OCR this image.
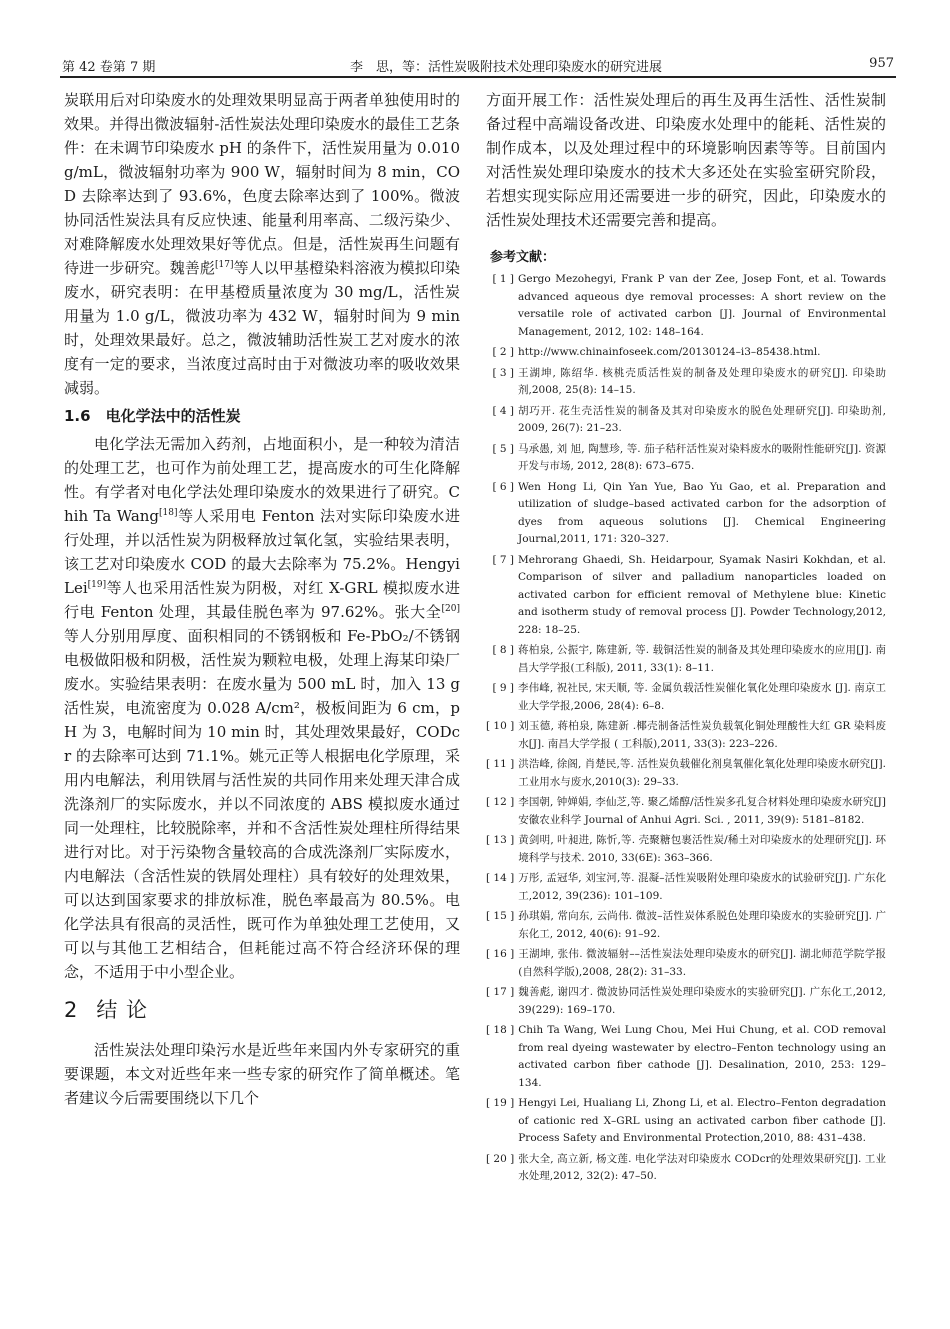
第 42 卷第 7 期	李　思，等：活性炭吸附技术处理印染废水的研究进展	957

炭联用后对印染废水的处理效果明显高于两者单独使用时的效果。并得出微波辐射-活性炭法处理印染废水的最佳工艺条件：在未调节印染废水 pH 的条件下，活性炭用量为 0.010 g/mL，微波辐射功率为 900 W，辐射时间为 8 min，COD 去除率达到了 93.6%，色度去除率达到了 100%。微波协同活性炭法具有反应快速、能量利用率高、二级污染少、对难降解废水处理效果好等优点。但是，活性炭再生问题有待进一步研究。魏善彪[17]等人以甲基橙染料溶液为模拟印染废水，研究表明：在甲基橙质量浓度为 30 mg/L，活性炭用量为 1.0 g/L，微波功率为 432 W，辐射时间为 9 min 时，处理效果最好。总之，微波辅助活性炭工艺对废水的浓度有一定的要求，当浓度过高时由于对微波功率的吸收效果减弱。

1.6　电化学法中的活性炭

电化学法无需加入药剂，占地面积小，是一种较为清洁的处理工艺，也可作为前处理工艺，提高废水的可生化降解性。有学者对电化学法处理印染废水的效果进行了研究。Chih Ta Wang[18]等人采用电 Fenton 法对实际印染废水进行处理，并以活性炭为阴极释放过氧化氢，实验结果表明，该工艺对印染废水 COD 的最大去除率为 75.2%。Hengyi Lei[19]等人也采用活性炭为阴极，对红 X-GRL 模拟废水进行电 Fenton 处理，其最佳脱色率为 97.62%。张大全[20]等人分别用厚度、面积相同的不锈钢板和 Fe-PbO₂/不锈钢电极做阳极和阴极，活性炭为颗粒电极，处理上海某印染厂废水。实验结果表明：在废水量为 500 mL 时，加入 13 g 活性炭，电流密度为 0.028 A/cm²，极板间距为 6 cm，pH 为 3，电解时间为 10 min 时，其处理效果最好，CODcr 的去除率可达到 71.1%。姚元正等人根据电化学原理，采用内电解法，利用铁屑与活性炭的共同作用来处理天津合成洗涤剂厂的实际废水，并以不同浓度的 ABS 模拟废水通过同一处理柱，比较脱除率，并和不含活性炭处理柱所得结果进行对比。对于污染物含量较高的合成洗涤剂厂实际废水，内电解法（含活性炭的铁屑处理柱）具有较好的处理效果，可以达到国家要求的排放标准，脱色率最高为 80.5%。电化学法具有很高的灵活性，既可作为单独处理工艺使用，又可以与其他工艺相结合，但耗能过高不符合经济环保的理念，不适用于中小型企业。

2 结 论

活性炭法处理印染污水是近些年来国内外专家研究的重要课题，本文对近些年来一些专家的研究作了简单概述。笔者建议今后需要围绕以下几个

方面开展工作：活性炭处理后的再生及再生活性、活性炭制备过程中高端设备改进、印染废水处理中的能耗、活性炭的制作成本，以及处理过程中的环境影响因素等等。目前国内对活性炭处理印染废水的技术大多还处在实验室研究阶段，若想实现实际应用还需要进一步的研究，因此，印染废水的活性炭处理技术还需要完善和提高。

参考文献：
[ 1 ] Gergo Mezohegyi, Frank P van der Zee, Josep Font, et al. Towards advanced aqueous dye removal processes: A short review on the versatile role of activated carbon [J]. Journal of Environmental Management, 2012, 102: 148–164.
[ 2 ] http://www.chinainfoseek.com/20130124–i3–85438.html.
[ 3 ] 王湖坤, 陈绍华. 核桃壳质活性炭的制备及处理印染废水的研究[J]. 印染助剂,2008, 25(8): 14–15.
[ 4 ] 胡巧开. 花生壳活性炭的制备及其对印染废水的脱色处理研究[J]. 印染助剂, 2009, 26(7): 21–23.
[ 5 ] 马承愚, 刘 旭, 陶慧珍, 等. 茄子秸秆活性炭对染料废水的吸附性能研究[J]. 资源开发与市场, 2012, 28(8): 673–675.
[ 6 ] Wen Hong Li, Qin Yan Yue, Bao Yu Gao, et al. Preparation and utilization of sludge–based activated carbon for the adsorption of dyes from aqueous solutions [J]. Chemical Engineering Journal,2011, 171: 320–327.
[ 7 ] Mehrorang Ghaedi, Sh. Heidarpour, Syamak Nasiri Kokhdan, et al. Comparison of silver and palladium nanoparticles loaded on activated carbon for efficient removal of Methylene blue: Kinetic and isotherm study of removal process [J]. Powder Technology,2012, 228: 18–25.
[ 8 ] 蒋柏泉, 公振宇, 陈建新, 等. 载铜活性炭的制备及其处理印染废水的应用[J]. 南昌大学学报(工科版), 2011, 33(1): 8–11.
[ 9 ] 李伟峰, 祝社民, 宋天顺, 等. 金属负载活性炭催化氧化处理印染废水 [J]. 南京工业大学学报,2006, 28(4): 6–8.
[ 10 ] 刘玉德, 蒋柏泉, 陈建新 .椰壳制备活性炭负载氧化铜处理酸性大红 GR 染料废水[J]. 南昌大学学报 ( 工科版),2011, 33(3): 223–226.
[ 11 ] 洪浩峰, 徐阁, 肖楚民,等. 活性炭负载催化剂臭氧催化氧化处理印染废水研究[J]. 工业用水与废水,2010(3): 29–33.
[ 12 ] 李国朝, 钟婵娟, 李仙芝,等. 聚乙烯醇/活性炭多孔复合材料处理印染废水研究[J]安徽农业科学 Journal of Anhui Agri. Sci. , 2011, 39(9): 5181–8182.
[ 13 ] 黄剑明, 叶昶进, 陈忻,等. 壳聚糖包裹活性炭/稀土对印染废水的处理研究[J]. 环境科学与技术. 2010, 33(6E): 363–366.
[ 14 ] 万彤, 孟冠华, 刘宝河,等. 混凝–活性炭吸附处理印染废水的试验研究[J]. 广东化工,2012, 39(236): 101–109.
[ 15 ] 孙琪娟, 常向东, 云尚伟. 微波–活性炭体系脱色处理印染废水的实验研究[J]. 广东化工, 2012, 40(6): 91–92.
[ 16 ] 王湖坤, 张伟. 微波辐射––活性炭法处理印染废水的研究[J]. 湖北师范学院学报(自然科学版),2008, 28(2): 31–33.
[ 17 ] 魏善彪, 谢四才. 微波协同活性炭处理印染废水的实验研究[J]. 广东化工,2012, 39(229): 169–170.
[ 18 ] Chih Ta Wang, Wei Lung Chou, Mei Hui Chung, et al. COD removal from real dyeing wastewater by electro–Fenton technology using an activated carbon fiber cathode [J]. Desalination, 2010, 253: 129–134.
[ 19 ] Hengyi Lei, Hualiang Li, Zhong Li, et al. Electro–Fenton degradation of cationic red X–GRL using an activated carbon fiber cathode [J]. Process Safety and Environmental Protection,2010, 88: 431–438.
[ 20 ] 张大全, 高立新, 杨文莲. 电化学法对印染废水 CODcr的处理效果研究[J]. 工业水处理,2012, 32(2): 47–50.
